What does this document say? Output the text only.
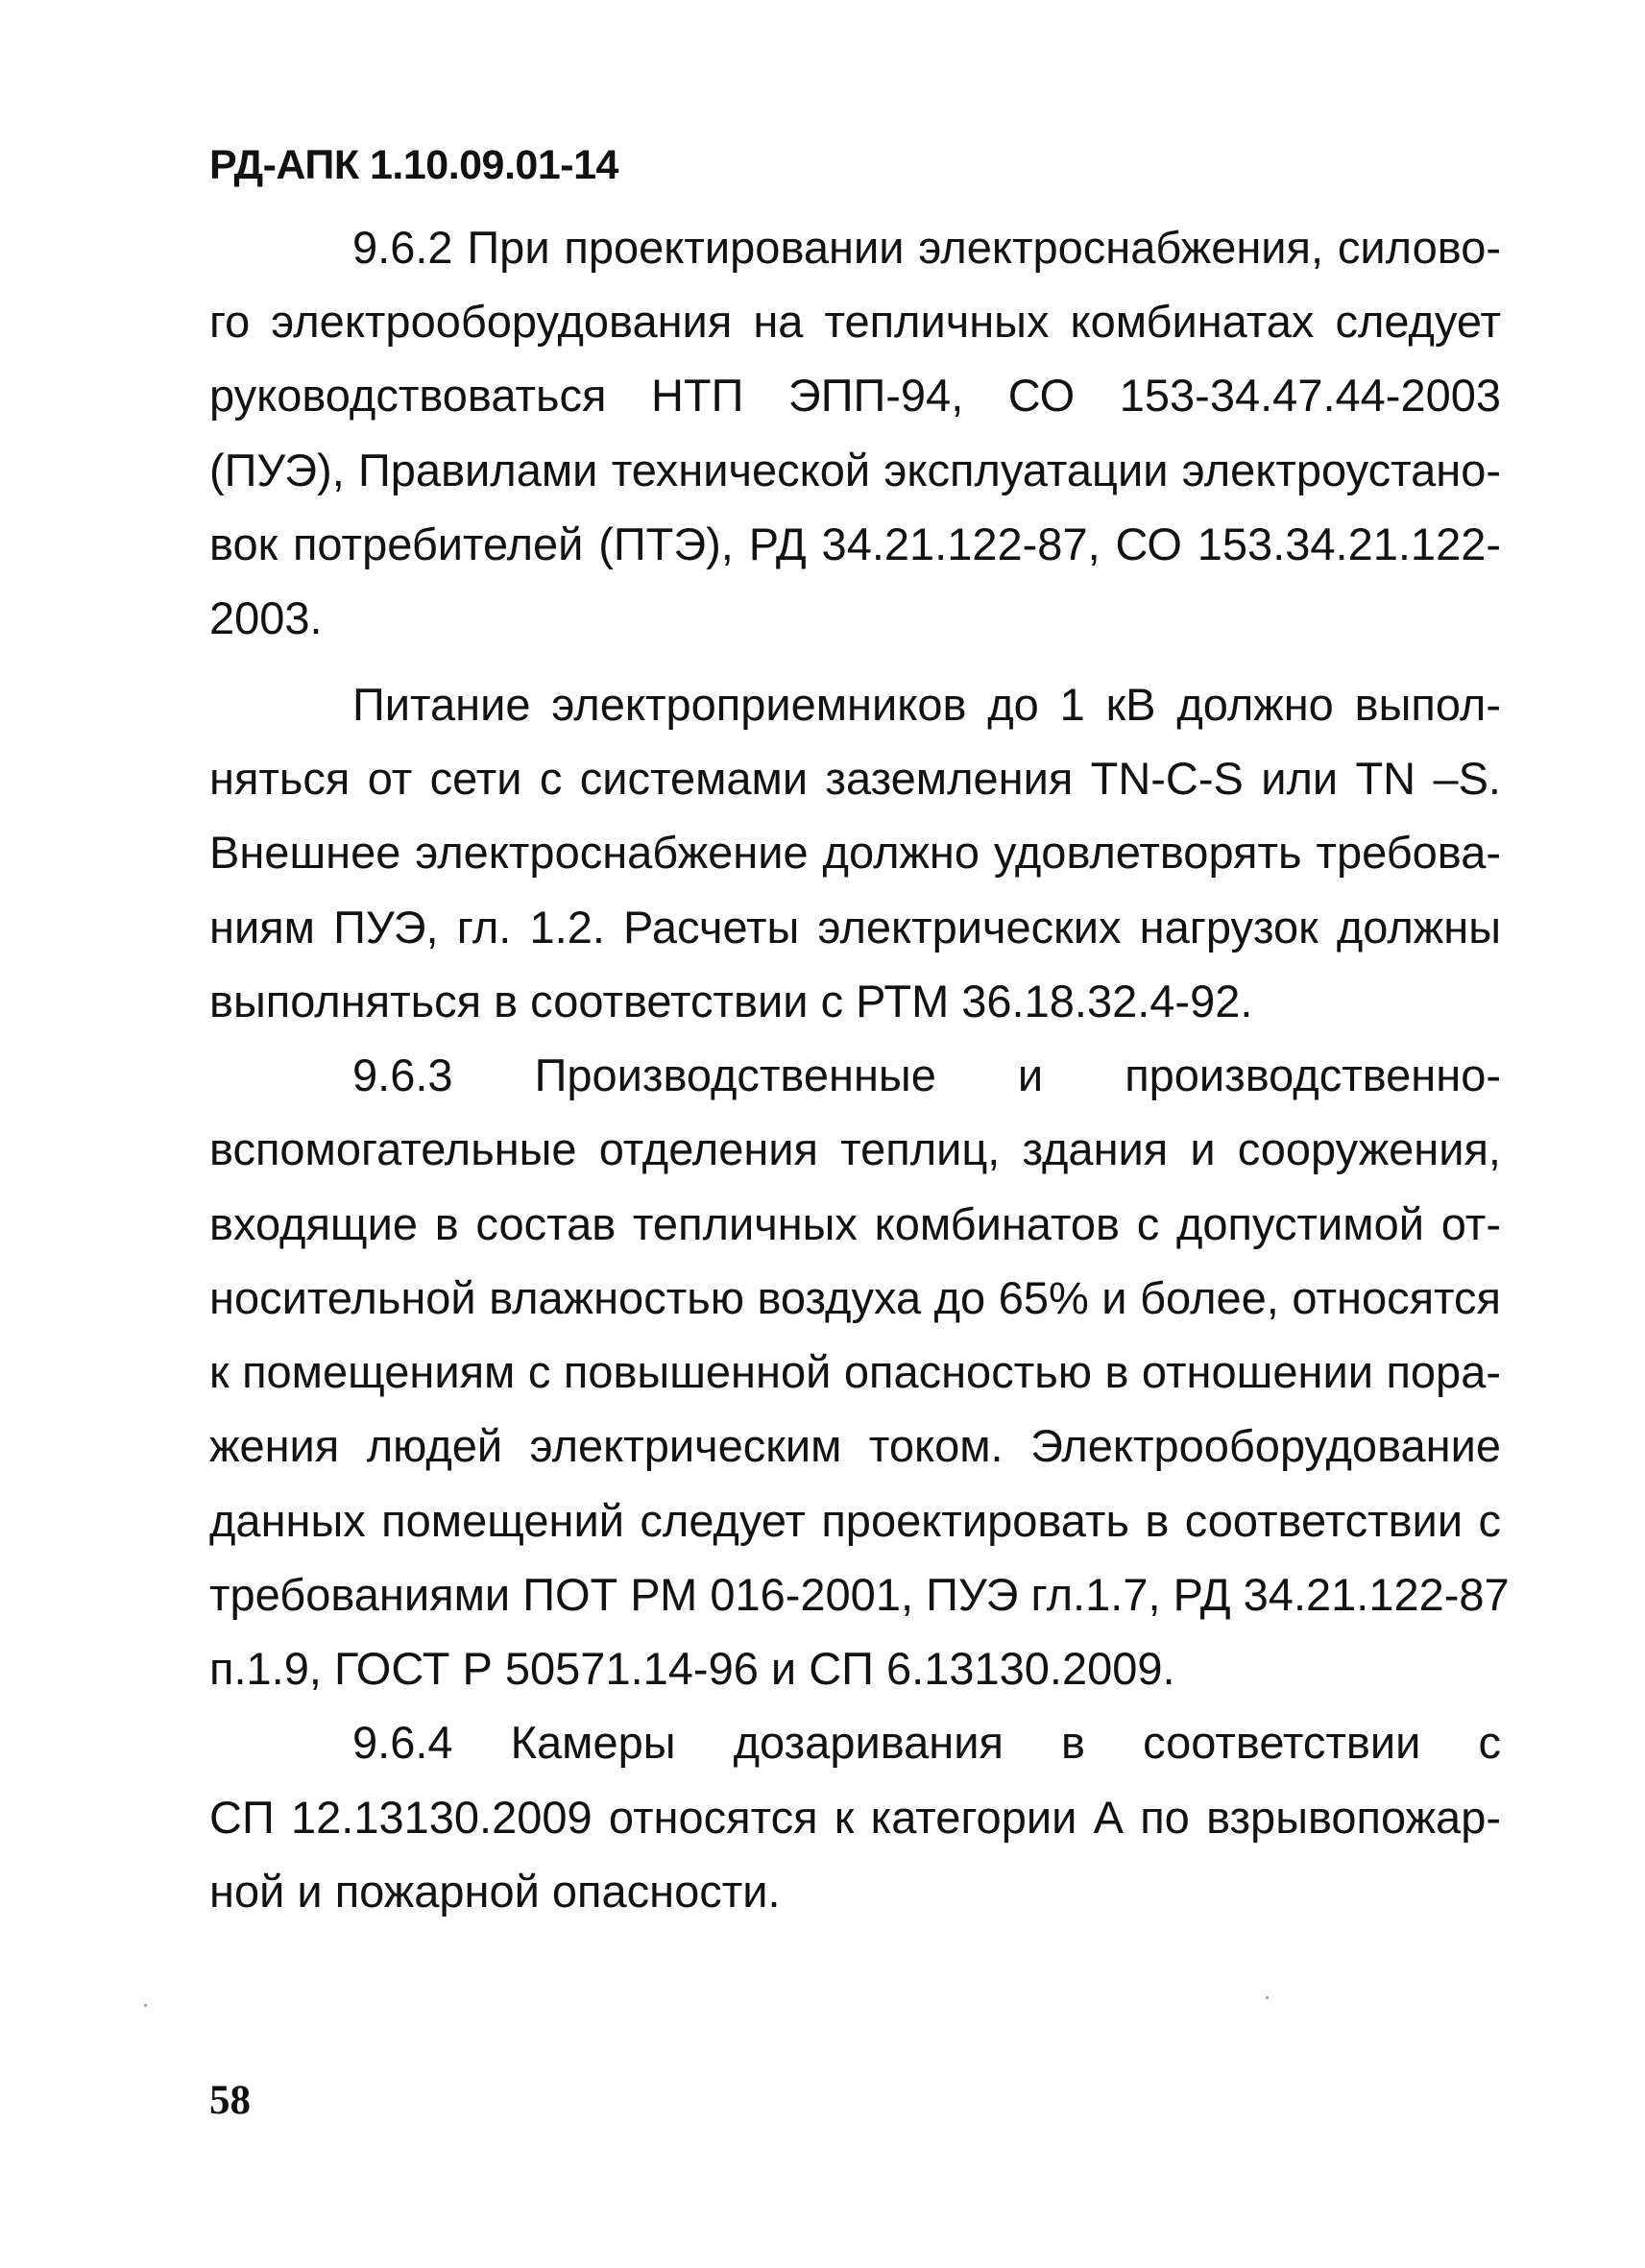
РД-АПК 1.10.09.01-14
9.6.2 При проектировании электроснабжения, силово-
го электрооборудования на тепличных комбинатах следует
руководствоваться НТП ЭПП-94, СО 153-34.47.44-2003
(ПУЭ), Правилами технической эксплуатации электроустано-
вок потребителей (ПТЭ), РД 34.21.122-87, СО 153.34.21.122-
2003.
Питание электроприемников до 1 кВ должно выпол-
няться от сети с системами заземления TN-C-S или TN –S.
Внешнее электроснабжение должно удовлетворять требова-
ниям ПУЭ, гл. 1.2. Расчеты электрических нагрузок должны
выполняться в соответствии с РТМ 36.18.32.4-92.
9.6.3 Производственные и производственно-
вспомогательные отделения теплиц, здания и сооружения,
входящие в состав тепличных комбинатов с допустимой от-
носительной влажностью воздуха до 65% и более, относятся
к помещениям с повышенной опасностью в отношении пора-
жения людей электрическим током. Электрооборудование
данных помещений следует проектировать в соответствии с
требованиями ПОТ РМ 016-2001, ПУЭ гл.1.7, РД 34.21.122-87
п.1.9, ГОСТ Р 50571.14-96 и СП 6.13130.2009.
9.6.4 Камеры дозаривания в соответствии с
СП 12.13130.2009 относятся к категории А по взрывопожар-
ной и пожарной опасности.
58
